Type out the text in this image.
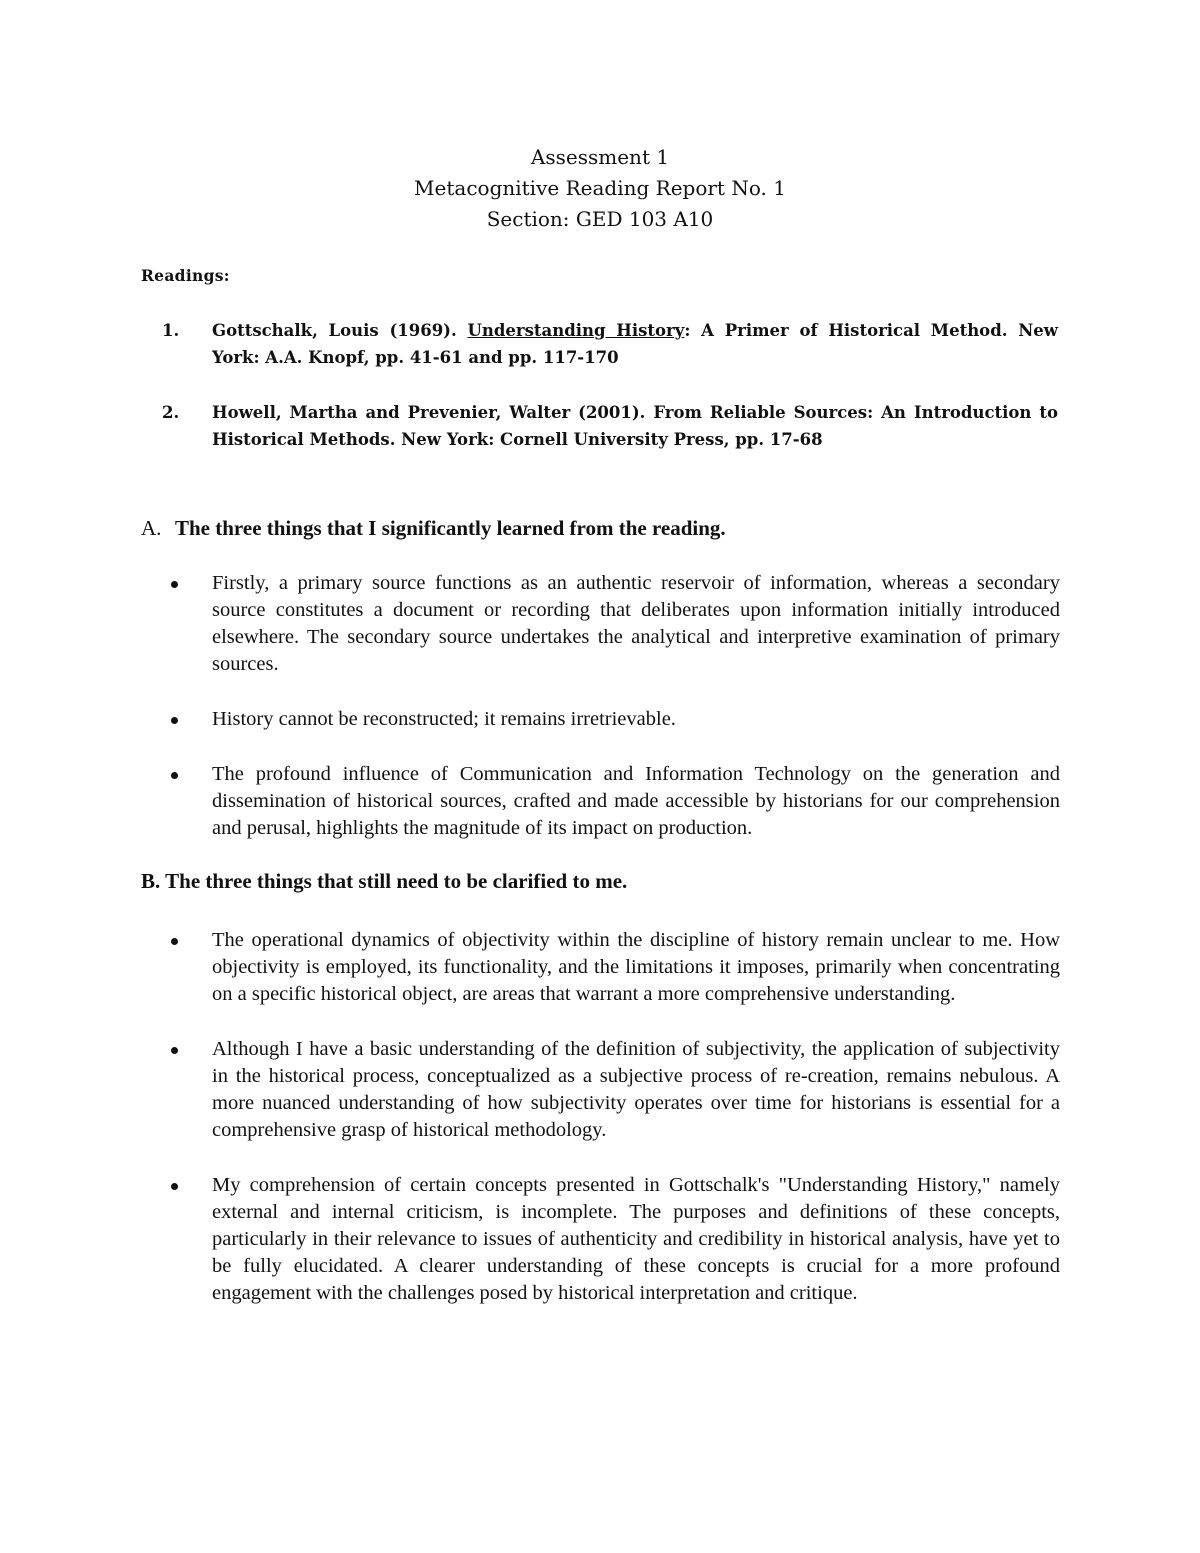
Assessment 1
Metacognitive Reading Report No. 1
Section: GED 103 A10
Readings:
1.	Gottschalk, Louis (1969). Understanding History: A Primer of Historical Method. New York: A.A. Knopf, pp. 41-61 and pp. 117-170
2.	Howell, Martha and Prevenier, Walter (2001). From Reliable Sources: An Introduction to Historical Methods. New York: Cornell University Press, pp. 17-68
A. The three things that I significantly learned from the reading.
Firstly, a primary source functions as an authentic reservoir of information, whereas a secondary source constitutes a document or recording that deliberates upon information initially introduced elsewhere. The secondary source undertakes the analytical and interpretive examination of primary sources.
History cannot be reconstructed; it remains irretrievable.
The profound influence of Communication and Information Technology on the generation and dissemination of historical sources, crafted and made accessible by historians for our comprehension and perusal, highlights the magnitude of its impact on production.
B. The three things that still need to be clarified to me.
The operational dynamics of objectivity within the discipline of history remain unclear to me. How objectivity is employed, its functionality, and the limitations it imposes, primarily when concentrating on a specific historical object, are areas that warrant a more comprehensive understanding.
Although I have a basic understanding of the definition of subjectivity, the application of subjectivity in the historical process, conceptualized as a subjective process of re-creation, remains nebulous. A more nuanced understanding of how subjectivity operates over time for historians is essential for a comprehensive grasp of historical methodology.
My comprehension of certain concepts presented in Gottschalk's "Understanding History," namely external and internal criticism, is incomplete. The purposes and definitions of these concepts, particularly in their relevance to issues of authenticity and credibility in historical analysis, have yet to be fully elucidated. A clearer understanding of these concepts is crucial for a more profound engagement with the challenges posed by historical interpretation and critique.
